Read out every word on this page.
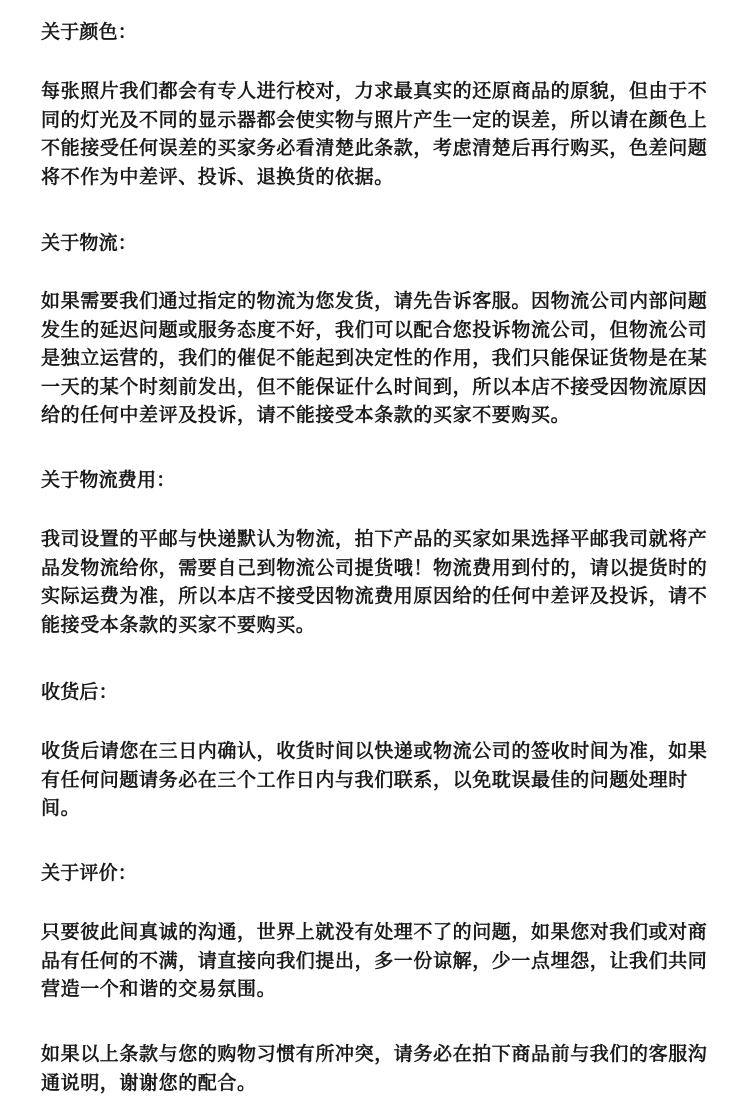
关于颜色：

每张照片我们都会有专人进行校对，力求最真实的还原商品的原貌，但由于不同的灯光及不同的显示器都会使实物与照片产生一定的误差，所以请在颜色上不能接受任何误差的买家务必看清楚此条款，考虑清楚后再行购买，色差问题将不作为中差评、投诉、退换货的依据。

关于物流：

如果需要我们通过指定的物流为您发货，请先告诉客服。因物流公司内部问题发生的延迟问题或服务态度不好，我们可以配合您投诉物流公司，但物流公司是独立运营的，我们的催促不能起到决定性的作用，我们只能保证货物是在某一天的某个时刻前发出，但不能保证什么时间到，所以本店不接受因物流原因给的任何中差评及投诉，请不能接受本条款的买家不要购买。

关于物流费用：

我司设置的平邮与快递默认为物流，拍下产品的买家如果选择平邮我司就将产品发物流给你，需要自己到物流公司提货哦！物流费用到付的，请以提货时的实际运费为准，所以本店不接受因物流费用原因给的任何中差评及投诉，请不能接受本条款的买家不要购买。

收货后：

收货后请您在三日内确认，收货时间以快递或物流公司的签收时间为准，如果有任何问题请务必在三个工作日内与我们联系，以免耽误最佳的问题处理时间。

关于评价：

只要彼此间真诚的沟通，世界上就没有处理不了的问题，如果您对我们或对商品有任何的不满，请直接向我们提出，多一份谅解，少一点埋怨，让我们共同营造一个和谐的交易氛围。

如果以上条款与您的购物习惯有所冲突，请务必在拍下商品前与我们的客服沟通说明，谢谢您的配合。
